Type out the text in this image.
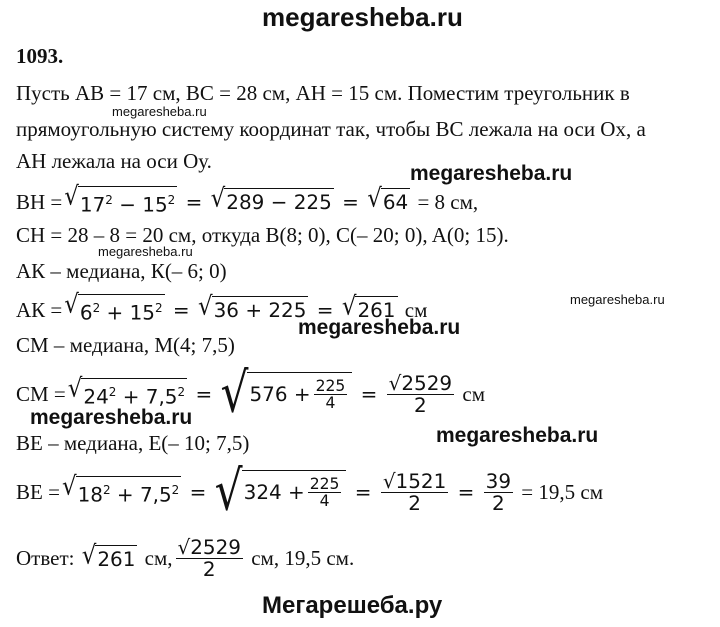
megaresheba.ru
megaresheba.ru
megaresheba.ru
megaresheba.ru
megaresheba.ru
megaresheba.ru
megaresheba.ru
megaresheba.ru
Мегарешеба.ру
1093.
Пусть АВ = 17 см, ВС = 28 см, АН = 15 см. Поместим треугольник в
прямоугольную систему координат так, чтобы ВС лежала на оси Ох, а
АН лежала на оси Оу.
BH = √ $17^2 - 15^2$ = √ 289 − 225 = √ 64
= 8 см,
CH = 28 – 8 = 20 см, откуда B(8; 0), C(– 20; 0), A(0; 15).
АК – медиана, К(– 6; 0)
АК = √ $6^2 + 15^2$ = √ 36 + 225 = √ 261
см
СМ – медиана, М(4; 7,5)
СМ = √ $24^2 + 7,5^2$ = √ $576 + \frac{225}{4} = \frac{√2529}{2}$
см
ВЕ – медиана, Е(– 10; 7,5)
ВЕ = √ $18^2 + 7,5^2$ = √ $324 + \frac{225}{4} = \frac{√1521}{2} = \frac{39}{2}$
= 19,5 см
Ответ:
√ 261
см, $\frac{√2529}{2}$
см, 19,5 см.
